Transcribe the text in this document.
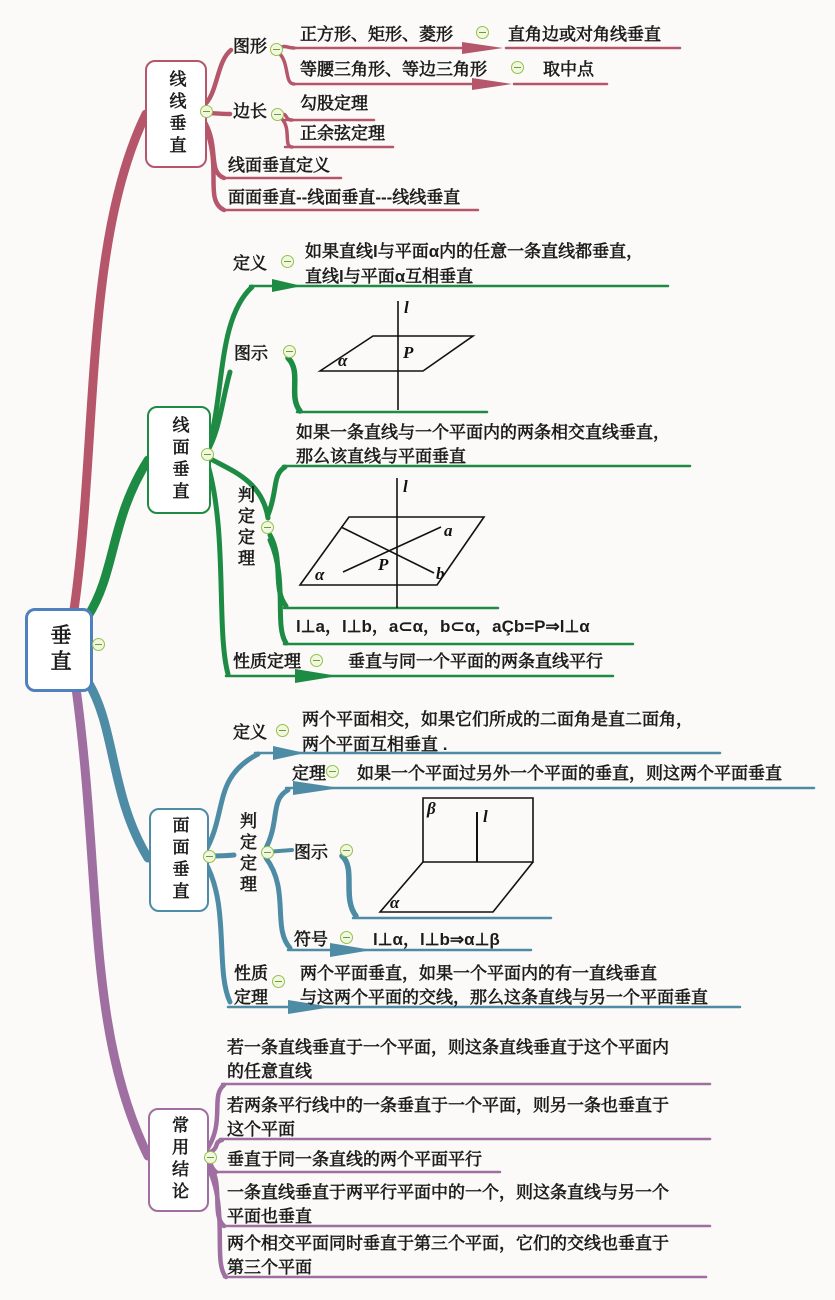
l
P
α
l
a
b
P
α
β	l
α
垂直
线线垂直
线面垂直
面面垂直
常用结论
图形
正方形、矩形、菱形	直角边或对角线垂直
等腰三角形、等边三角形	取中点
边长 勾股定理
正余弦定理
线面垂直定义
面面垂直--线面垂直---线线垂直
定义
如果直线l与平面α内的任意一条直线都垂直，
直线l与平面α互相垂直
图示
判定定理
如果一条直线与一个平面内的两条相交直线垂直，
那么该直线与平面垂直
l⊥a，l⊥b，a⊂α，b⊂α，aÇb=P⇒l⊥α
性质定理	垂直与同一个平面的两条直线平行
定义
两个平面相交，如果它们所成的二面角是直二面角，
两个平面互相垂直 .
判定定理
定理 如果一个平面过另外一个平面的垂直，则这两个平面垂直
图示
符号	l⊥α，l⊥b⇒α⊥β
性质
定理
两个平面垂直，如果一个平面内的有一直线垂直
与这两个平面的交线，那么这条直线与另一个平面垂直
若一条直线垂直于一个平面，则这条直线垂直于这个平面内
的任意直线
若两条平行线中的一条垂直于一个平面，则另一条也垂直于
这个平面
垂直于同一条直线的两个平面平行
一条直线垂直于两平行平面中的一个，则这条直线与另一个
平面也垂直
两个相交平面同时垂直于第三个平面，它们的交线也垂直于
第三个平面
